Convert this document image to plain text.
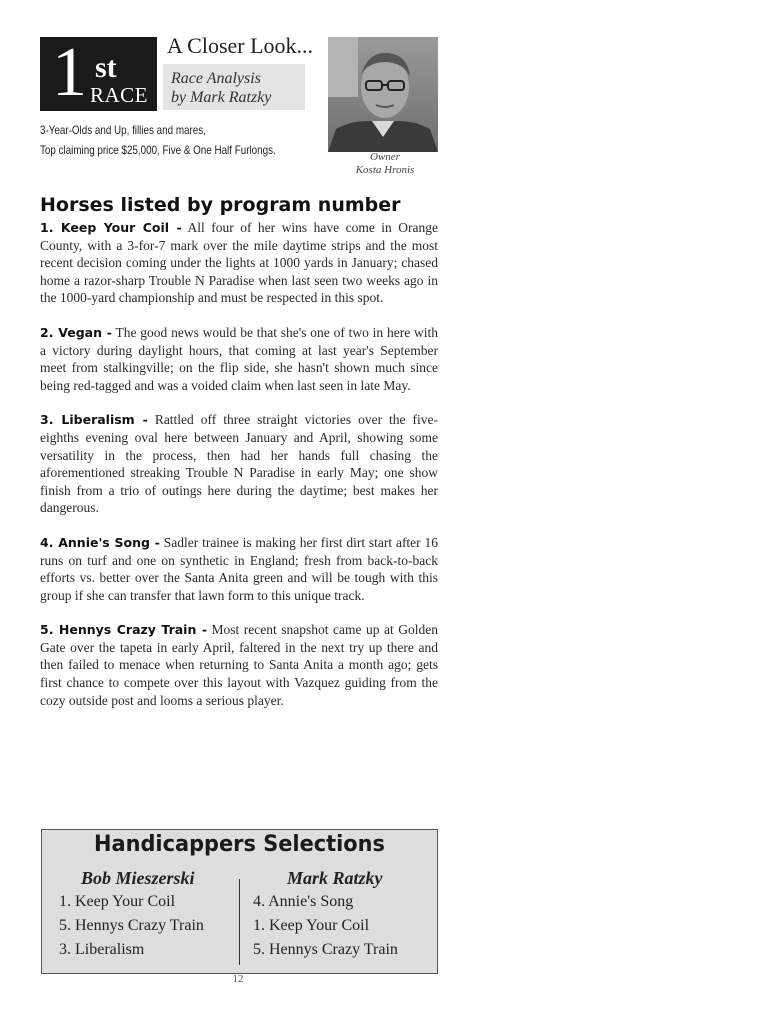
1 st
RACE
A Closer Look...
Race Analysis
by Mark Ratzky
3-Year-Olds and Up, fillies and mares,
Top claiming price $25,000, Five & One Half Furlongs.	Owner
Kosta Hronis
Horses listed by program number

1. Keep Your Coil - All four of her wins have come in Orange County, with a 3-for-7 mark over the mile daytime strips and the most recent decision coming under the lights at 1000 yards in January; chased home a razor-sharp Trouble N Paradise when last seen two weeks ago in the 1000-yard championship and must be respected in this spot.

2. Vegan - The good news would be that she's one of two in here with a victory during daylight hours, that coming at last year's September meet from stalkingville; on the flip side, she hasn't shown much since being red-tagged and was a voided claim when last seen in late May.

3. Liberalism - Rattled off three straight victories over the five-eighths evening oval here between January and April, showing some versatility in the process, then had her hands full chasing the aforementioned streaking Trouble N Paradise in early May; one show finish from a trio of outings here during the daytime; best makes her dangerous.

4. Annie's Song - Sadler trainee is making her first dirt start after 16 runs on turf and one on synthetic in England; fresh from back-to-back efforts vs. better over the Santa Anita green and will be tough with this group if she can transfer that lawn form to this unique track.

5. Hennys Crazy Train - Most recent snapshot came up at Golden Gate over the tapeta in early April, faltered in the next try up there and then failed to menace when returning to Santa Anita a month ago; gets first chance to compete over this layout with Vazquez guiding from the cozy outside post and looms a serious player.

Handicappers Selections
Bob Mieszerski
1. Keep Your Coil
5. Hennys Crazy Train
3. Liberalism
Mark Ratzky
4. Annie's Song
1. Keep Your Coil
5. Hennys Crazy Train
12
